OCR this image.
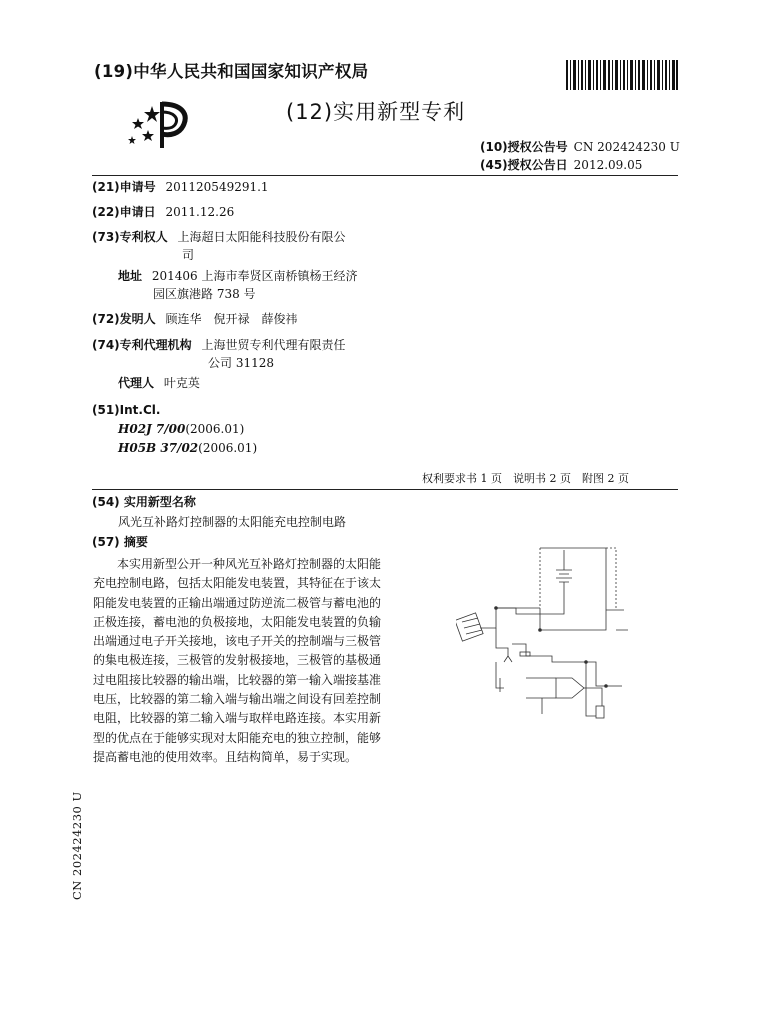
(19)中华人民共和国国家知识产权局
(12)实用新型专利
(10)授权公告号 CN 202424230 U
(45)授权公告日 2012.09.05
(21)申请号 201120549291.1
(22)申请日 2011.12.26
(73)专利权人 上海超日太阳能科技股份有限公
司
地址 201406 上海市奉贤区南桥镇杨王经济
园区旗港路 738 号
(72)发明人 顾连华　倪开禄　薛俊祎
(74)专利代理机构 上海世贸专利代理有限责任
公司 31128
代理人 叶克英
(51)Int.Cl.
H02J 7/00(2006.01)
H05B 37/02(2006.01)
权利要求书 1 页　说明书 2 页　附图 2 页
(54) 实用新型名称
风光互补路灯控制器的太阳能充电控制电路
(57) 摘要
本实用新型公开一种风光互补路灯控制器的太阳能充电控制电路，包括太阳能发电装置，其特征在于该太阳能发电装置的正输出端通过防逆流二极管与蓄电池的正极连接，蓄电池的负极接地，太阳能发电装置的负输出端通过电子开关接地，该电子开关的控制端与三极管的集电极连接，三极管的发射极接地，三极管的基极通过电阻接比较器的输出端，比较器的第一输入端接基准电压，比较器的第二输入端与输出端之间设有回差控制电阻，比较器的第二输入端与取样电路连接。本实用新型的优点在于能够实现对太阳能充电的独立控制，能够提高蓄电池的使用效率。且结构简单，易于实现。
CN 202424230 U
